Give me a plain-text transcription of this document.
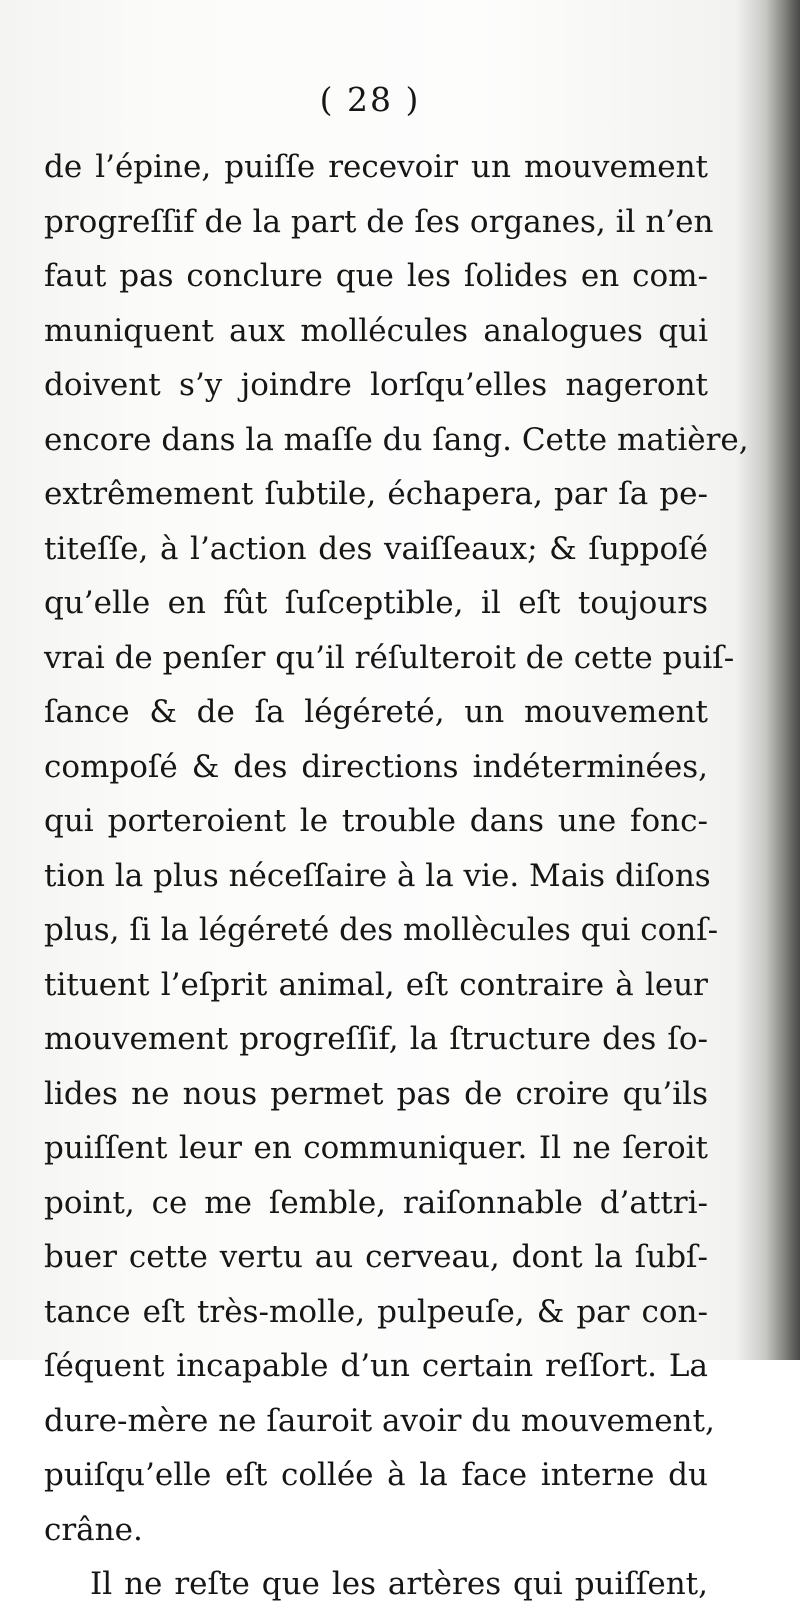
( 28 )
de l’épine, puiſſe recevoir un mouvement
progreſſif de la part de ſes organes, il n’en
faut pas conclure que les ſolides en com-
muniquent aux mollécules analogues qui
doivent s’y joindre lorſqu’elles nageront
encore dans la maſſe du ſang. Cette matière,
extrêmement ſubtile, échapera, par ſa pe-
titeſſe, à l’action des vaiſſeaux; & ſuppoſé
qu’elle en fût ſuſceptible, il eſt toujours
vrai de penſer qu’il réſulteroit de cette puiſ-
ſance & de ſa légéreté, un mouvement
compoſé & des directions indéterminées,
qui porteroient le trouble dans une fonc-
tion la plus néceſſaire à la vie. Mais diſons
plus, ſi la légéreté des mollècules qui conſ-
tituent l’eſprit animal, eſt contraire à leur
mouvement progreſſif, la ſtructure des ſo-
lides ne nous permet pas de croire qu’ils
puiſſent leur en communiquer. Il ne ſeroit
point, ce me ſemble, raiſonnable d’attri-
buer cette vertu au cerveau, dont la ſubſ-
tance eſt très-molle, pulpeuſe, & par con-
ſéquent incapable d’un certain reſſort. La
dure-mère ne ſauroit avoir du mouvement,
puiſqu’elle eſt collée à la face interne du
crâne.
Il ne reſte que les artères qui puiſſent,
